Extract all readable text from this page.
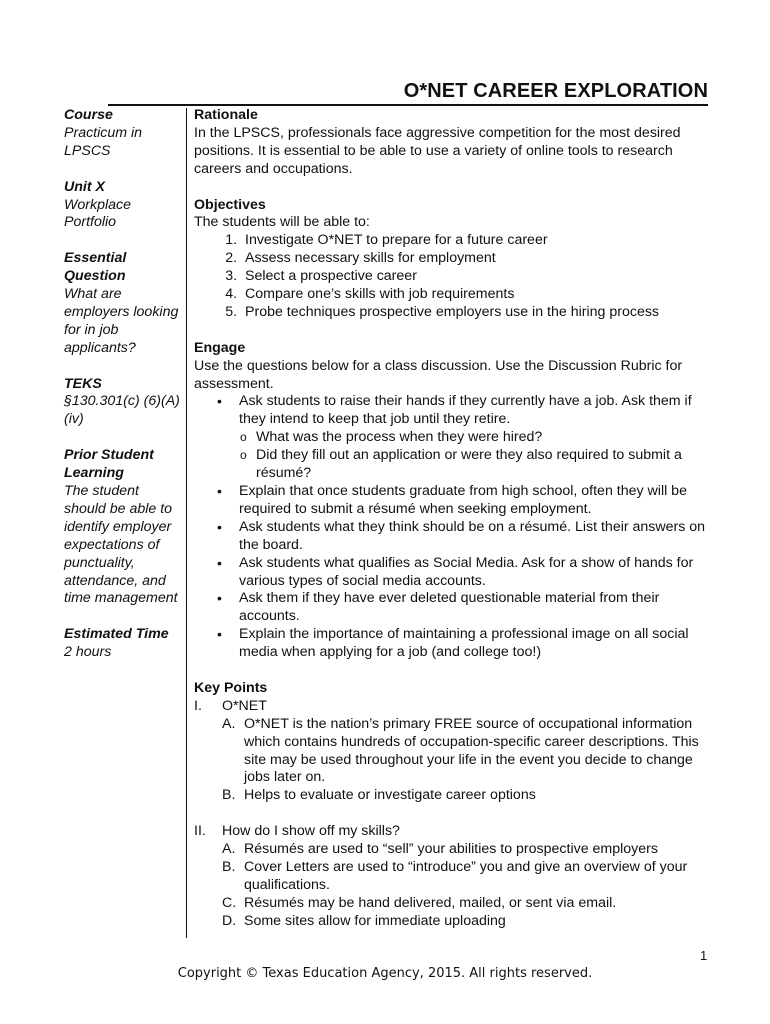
O*NET CAREER EXPLORATION
Course
Practicum in LPSCS
Unit X
Workplace Portfolio
Essential Question
What are employers looking for in job applicants?
TEKS
§130.301(c) (6)(A)(iv)
Prior Student Learning
The student should be able to identify employer expectations of punctuality, attendance, and time management
Estimated Time
2 hours
Rationale
In the LPSCS, professionals face aggressive competition for the most desired positions. It is essential to be able to use a variety of online tools to research careers and occupations.
Objectives
The students will be able to:
1. Investigate O*NET to prepare for a future career
2. Assess necessary skills for employment
3. Select a prospective career
4. Compare one’s skills with job requirements
5. Probe techniques prospective employers use in the hiring process
Engage
Use the questions below for a class discussion. Use the Discussion Rubric for assessment.
• Ask students to raise their hands if they currently have a job. Ask them if they intend to keep that job until they retire.
o What was the process when they were hired?
o Did they fill out an application or were they also required to submit a résumé?
• Explain that once students graduate from high school, often they will be required to submit a résumé when seeking employment.
• Ask students what they think should be on a résumé. List their answers on the board.
• Ask students what qualifies as Social Media. Ask for a show of hands for various types of social media accounts.
• Ask them if they have ever deleted questionable material from their accounts.
• Explain the importance of maintaining a professional image on all social media when applying for a job (and college too!)
Key Points
I.	O*NET
A. O*NET is the nation’s primary FREE source of occupational information which contains hundreds of occupation-specific career descriptions. This site may be used throughout your life in the event you decide to change jobs later on.
B. Helps to evaluate or investigate career options
II.	How do I show off my skills?
A. Résumés are used to “sell” your abilities to prospective employers
B. Cover Letters are used to “introduce” you and give an overview of your qualifications.
C. Résumés may be hand delivered, mailed, or sent via email.
D. Some sites allow for immediate uploading
1
Copyright © Texas Education Agency, 2015. All rights reserved.
